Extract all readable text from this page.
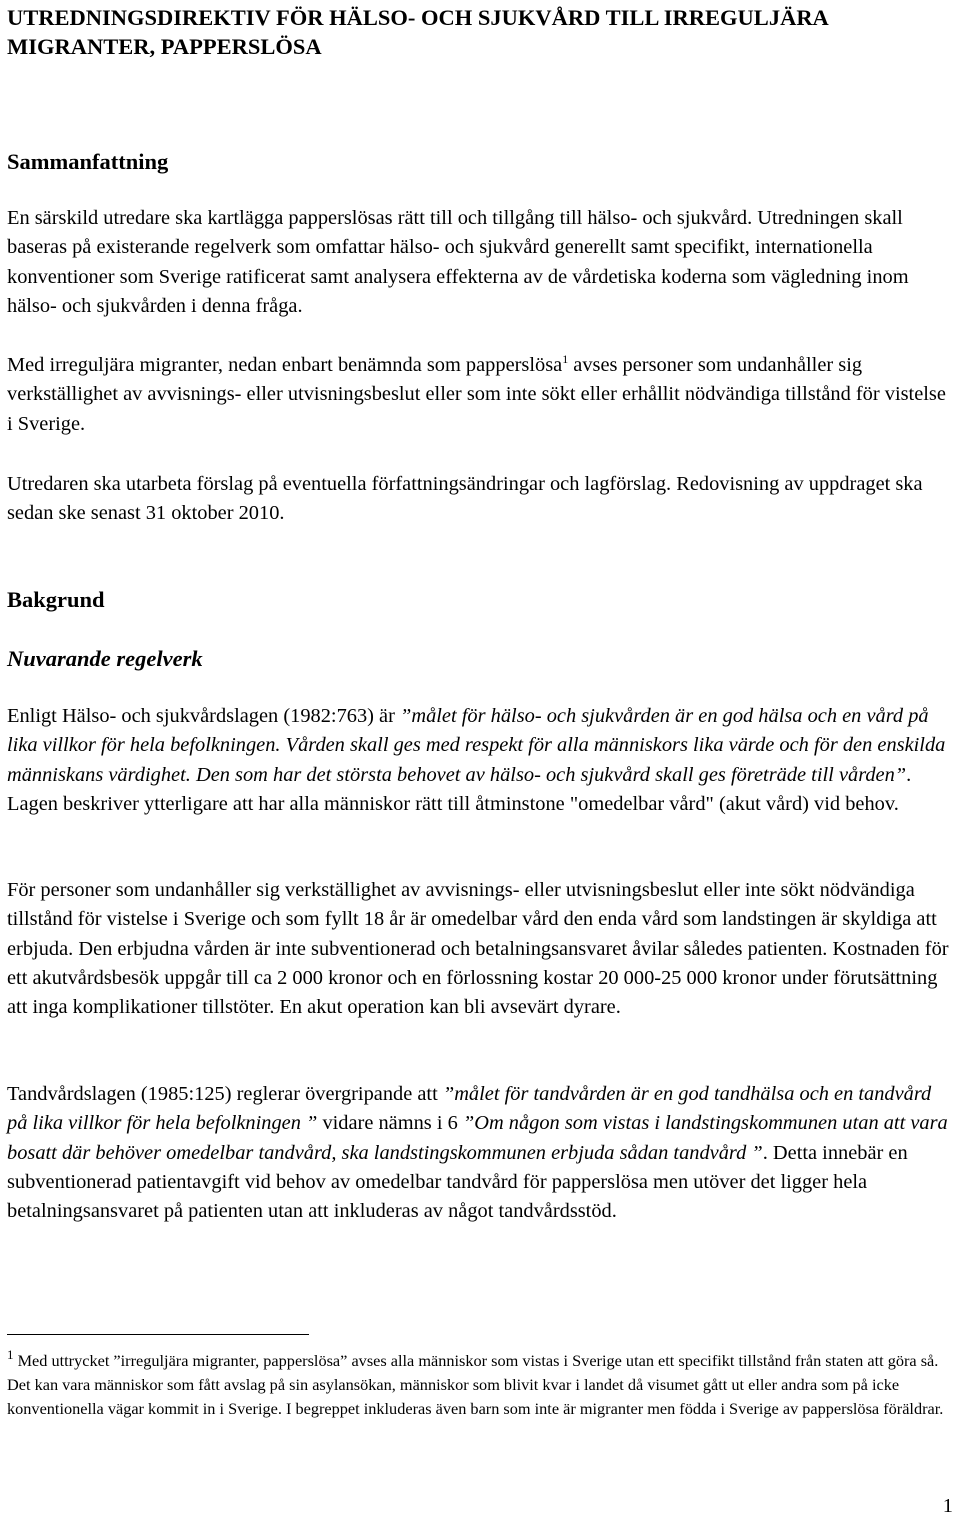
UTREDNINGSDIREKTIV FÖR HÄLSO- OCH SJUKVÅRD TILL IRREGULJÄRA MIGRANTER, PAPPERSLÖSA
Sammanfattning

En särskild utredare ska kartlägga papperslösas rätt till och tillgång till hälso- och sjukvård. Utredningen skall baseras på existerande regelverk som omfattar hälso- och sjukvård generellt samt specifikt, internationella konventioner som Sverige ratificerat samt analysera effekterna av de vårdetiska koderna som vägledning inom hälso- och sjukvården i denna fråga.

Med irreguljära migranter, nedan enbart benämnda som papperslösa$^1$ avses personer som undanhåller sig verkställighet av avvisnings- eller utvisningsbeslut eller som inte sökt eller erhållit nödvändiga tillstånd för vistelse i Sverige.

Utredaren ska utarbeta förslag på eventuella författningsändringar och lagförslag. Redovisning av uppdraget ska sedan ske senast 31 oktober 2010.

Bakgrund
Nuvarande regelverk

Enligt Hälso- och sjukvårdslagen (1982:763) är ”målet för hälso- och sjukvården är en god hälsa och en vård på lika villkor för hela befolkningen. Vården skall ges med respekt för alla människors lika värde och för den enskilda människans värdighet. Den som har det största behovet av hälso- och sjukvård skall ges företräde till vården”. Lagen beskriver ytterligare att har alla människor rätt till åtminstone "omedelbar vård" (akut vård) vid behov.

För personer som undanhåller sig verkställighet av avvisnings- eller utvisningsbeslut eller inte sökt nödvändiga tillstånd för vistelse i Sverige och som fyllt 18 år är omedelbar vård den enda vård som landstingen är skyldiga att erbjuda. Den erbjudna vården är inte subventionerad och betalningsansvaret åvilar således patienten. Kostnaden för ett akutvårdsbesök uppgår till ca 2 000 kronor och en förlossning kostar 20 000-25 000 kronor under förutsättning att inga komplikationer tillstöter. En akut operation kan bli avsevärt dyrare.

Tandvårdslagen (1985:125) reglerar övergripande att ”målet för tandvården är en god tandhälsa och en tandvård på lika villkor för hela befolkningen ” vidare nämns i 6 ”Om någon som vistas i landstingskommunen utan att vara bosatt där behöver omedelbar tandvård, ska landstingskommunen erbjuda sådan tandvård ”. Detta innebär en subventionerad patientavgift vid behov av omedelbar tandvård för papperslösa men utöver det ligger hela betalningsansvaret på patienten utan att inkluderas av något tandvårdsstöd.

$^1$ Med uttrycket ”irreguljära migranter, papperslösa” avses alla människor som vistas i Sverige utan ett specifikt tillstånd från staten att göra så. Det kan vara människor som fått avslag på sin asylansökan, människor som blivit kvar i landet då visumet gått ut eller andra som på icke konventionella vägar kommit in i Sverige. I begreppet inkluderas även barn som inte är migranter men födda i Sverige av papperslösa föräldrar.

1
